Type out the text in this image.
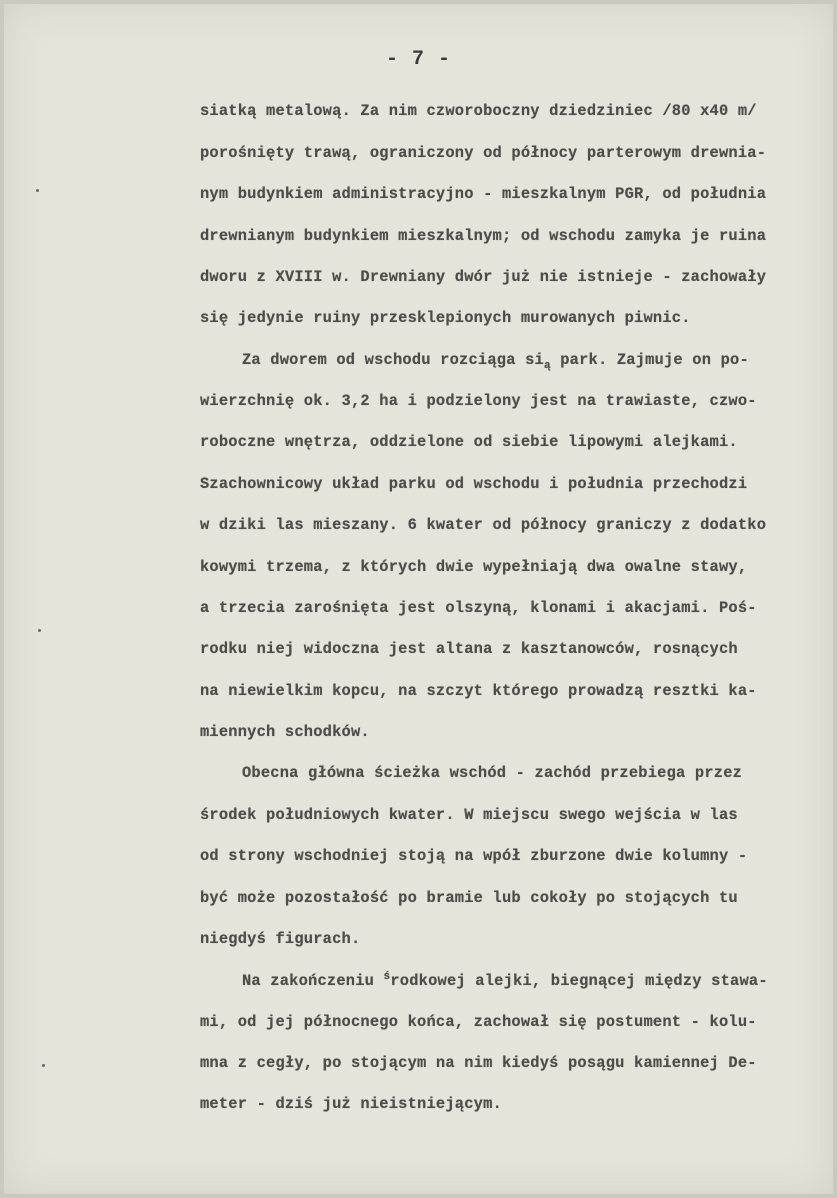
- 7 -
siatką metalową. Za nim czworoboczny dziedziniec /80 x40 m/
porośnięty trawą, ograniczony od północy parterowym drewnia-
nym budynkiem administracyjno - mieszkalnym PGR, od południa
drewnianym budynkiem mieszkalnym; od wschodu zamyka je ruina
dworu z XVIII w. Drewniany dwór już nie istnieje - zachowały
się jedynie ruiny przesklepionych murowanych piwnic.
Za dworem od wschodu rozciąga $si_ą$ park. Zajmuje on po-
wierzchnię ok. 3,2 ha i podzielony jest na trawiaste, czwo-
roboczne wnętrza, oddzielone od siebie lipowymi alejkami.
Szachownicowy układ parku od wschodu i południa przechodzi
w dziki las mieszany. 6 kwater od północy graniczy z dodatko
kowymi trzema, z których dwie wypełniają dwa owalne stawy,
a trzecia zarośnięta jest olszyną, klonami i akacjami. Poś-
rodku niej widoczna jest altana z kasztanowców, rosnących
na niewielkim kopcu, na szczyt którego prowadzą resztki ka-
miennych schodków.
Obecna główna ścieżka wschód - zachód przebiega przez
środek południowych kwater. W miejscu swego wejścia w las
od strony wschodniej stoją na wpół zburzone dwie kolumny -
być może pozostałość po bramie lub cokoły po stojących tu
niegdyś figurach.
Na zakończeniu $^ś$rodkowej alejki, biegnącej między stawa-
mi, od jej północnego końca, zachował się postument - kolu-
mna z cegły, po stojącym na nim kiedyś posągu kamiennej De-
meter - dziś już nieistniejącym.
